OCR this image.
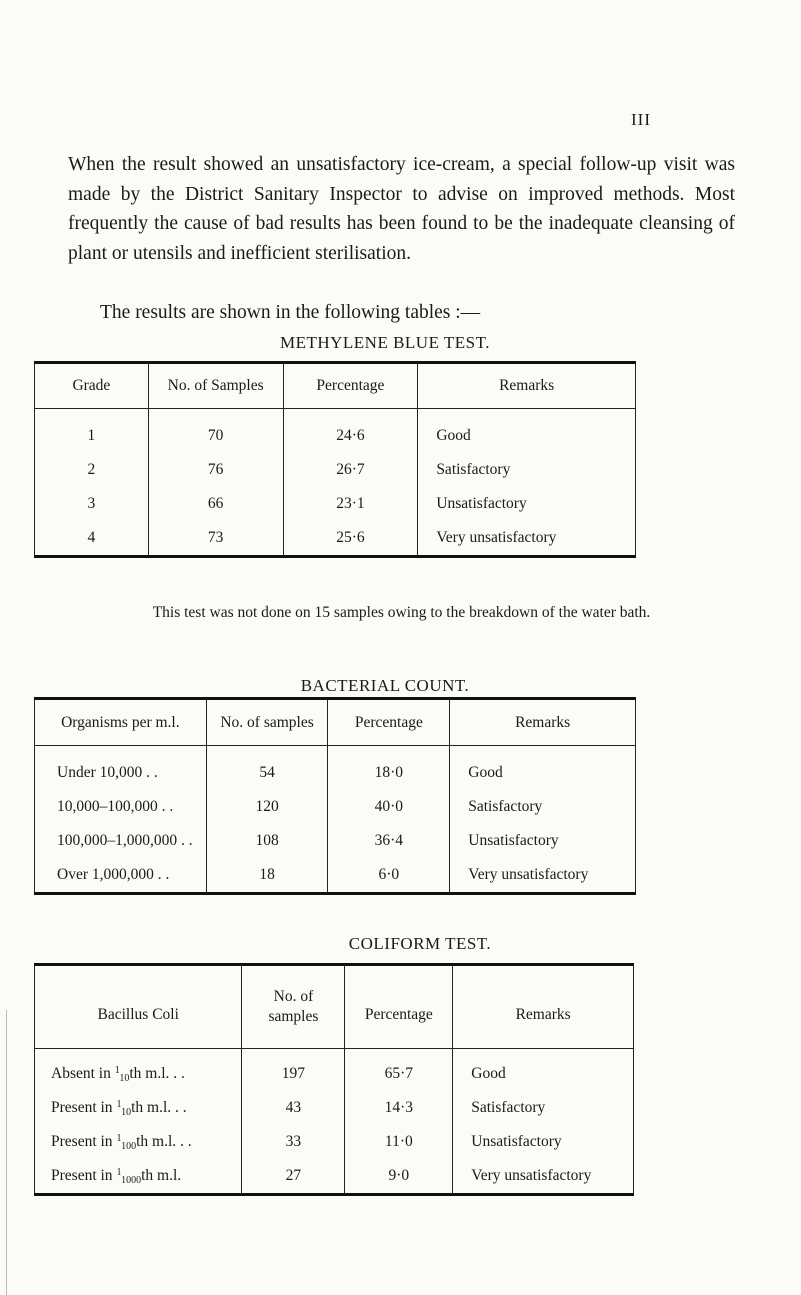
III

When the result showed an unsatisfactory ice-cream, a special follow-up visit was made by the District Sanitary Inspector to advise on improved methods. Most frequently the cause of bad results has been found to be the inadequate cleansing of plant or utensils and inefficient sterilisation.

The results are shown in the following tables :—

METHYLENE BLUE TEST.
Grade	No. of Samples	Percentage	Remarks
1	70	24·6	Good
2	76	26·7	Satisfactory
3	66	23·1	Unsatisfactory
4	73	25·6	Very unsatisfactory
This test was not done on 15 samples owing to the breakdown of the water bath.
BACTERIAL COUNT.
Organisms per m.l.	No. of samples	Percentage	Remarks
Under 10,000 . .	54	18·0	Good
10,000–100,000 . .	120	40·0	Satisfactory
100,000–1,000,000 . .	108	36·4	Unsatisfactory
Over 1,000,000 . .	18	6·0	Very unsatisfactory
COLIFORM TEST.
Bacillus Coli	No. of samples	Percentage	Remarks
Absent in 110th m.l. . .	197	65·7	Good
Present in 110th m.l. . .	43	14·3	Satisfactory
Present in 1100th m.l. . .	33	11·0	Unsatisfactory
Present in 11000th m.l.	27	9·0	Very unsatisfactory
